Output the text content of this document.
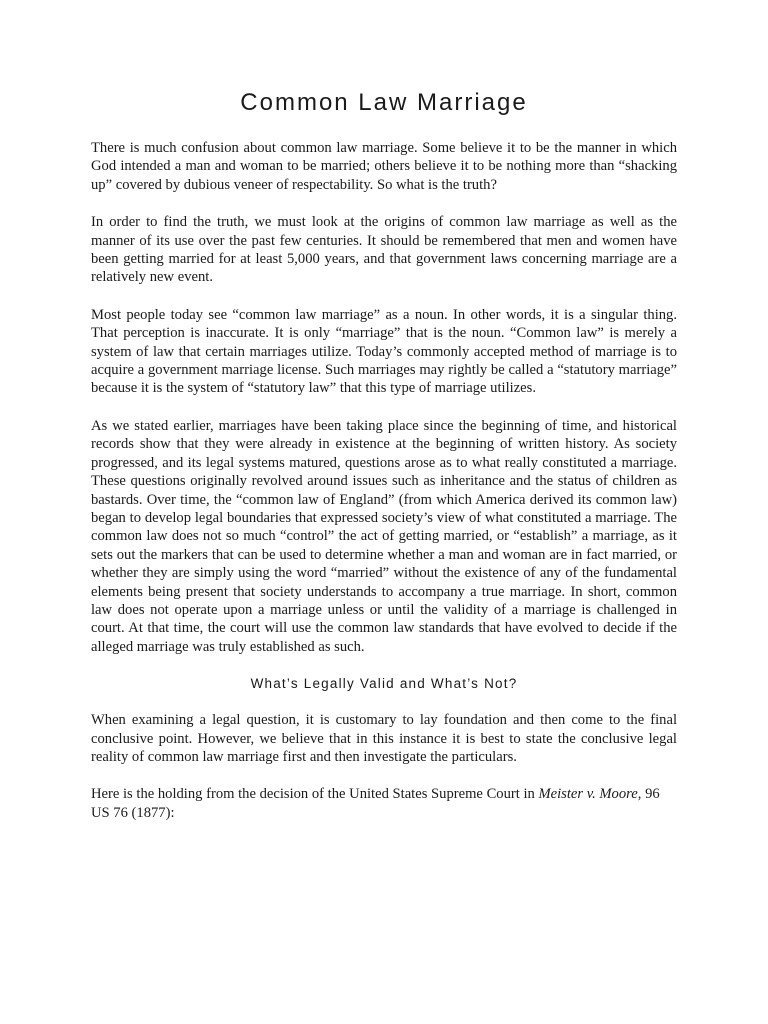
Common Law Marriage

There is much confusion about common law marriage. Some believe it to be the manner in which God intended a man and woman to be married; others believe it to be nothing more than “shacking up” covered by dubious veneer of respectability. So what is the truth?

In order to find the truth, we must look at the origins of common law marriage as well as the manner of its use over the past few centuries. It should be remembered that men and women have been getting married for at least 5,000 years, and that government laws concerning marriage are a relatively new event.

Most people today see “common law marriage” as a noun. In other words, it is a singular thing. That perception is inaccurate. It is only “marriage” that is the noun. “Common law” is merely a system of law that certain marriages utilize. Today’s commonly accepted method of marriage is to acquire a government marriage license. Such marriages may rightly be called a “statutory marriage” because it is the system of “statutory law” that this type of marriage utilizes.

As we stated earlier, marriages have been taking place since the beginning of time, and historical records show that they were already in existence at the beginning of written history. As society progressed, and its legal systems matured, questions arose as to what really constituted a marriage. These questions originally revolved around issues such as inheritance and the status of children as bastards. Over time, the “common law of England” (from which America derived its common law) began to develop legal boundaries that expressed society’s view of what constituted a marriage. The common law does not so much “control” the act of getting married, or “establish” a marriage, as it sets out the markers that can be used to determine whether a man and woman are in fact married, or whether they are simply using the word “married” without the existence of any of the fundamental elements being present that society understands to accompany a true marriage. In short, common law does not operate upon a marriage unless or until the validity of a marriage is challenged in court. At that time, the court will use the common law standards that have evolved to decide if the alleged marriage was truly established as such.

What’s Legally Valid and What’s Not?

When examining a legal question, it is customary to lay foundation and then come to the final conclusive point. However, we believe that in this instance it is best to state the conclusive legal reality of common law marriage first and then investigate the particulars.

Here is the holding from the decision of the United States Supreme Court in Meister v. Moore, 96 US 76 (1877):
